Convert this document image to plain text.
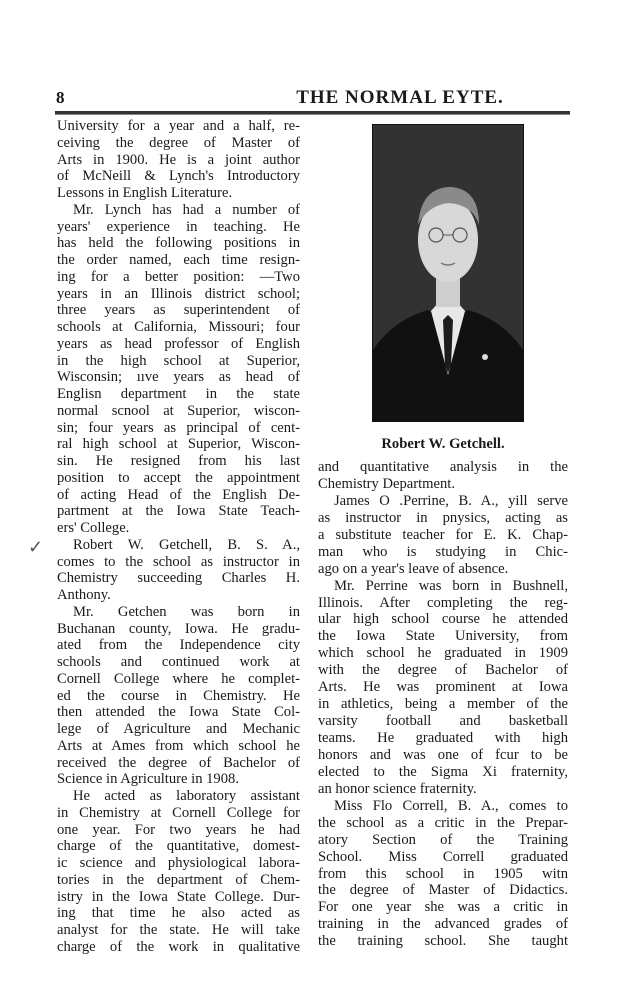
8	THE NORMAL EYTE.
University for a year and a half, re-
ceiving the degree of Master of
Arts in 1900. He is a joint author
of McNeill & Lynch's Introductory
Lessons in English Literature.
Mr. Lynch has had a number of
years' experience in teaching. He
has held the following positions in
the order named, each time resign-
ing for a better position: —Two
years in an Illinois district school;
three years as superintendent of
schools at California, Missouri; four
years as head professor of English
in the high school at Superior,
Wisconsin; ııve years as head of
Englisn department in the state
normal scnool at Superior, wiscon-
sin; four years as principal of cent-
ral high school at Superior, Wiscon-
sin. He resigned from his last
position to accept the appointment
of acting Head of the English De-
partment at the Iowa State Teach-
ers' College.
Robert W. Getchell, B. S. A.,
comes to the school as instructor in
Chemistry succeeding Charles H.
Anthony.
Mr. Getchen was born in
Buchanan county, Iowa. He gradu-
ated from the Independence city
schools and continued work at
Cornell College where he complet-
ed the course in Chemistry. He
then attended the Iowa State Col-
lege of Agriculture and Mechanic
Arts at Ames from which school he
received the degree of Bachelor of
Science in Agriculture in 1908.
He acted as laboratory assistant
in Chemistry at Cornell College for
one year. For two years he had
charge of the quantitative, domest-
ic science and physiological labora-
tories in the department of Chem-
istry in the Iowa State College. Dur-
ing that time he also acted as
analyst for the state. He will take
charge of the work in qualitative
✓
Robert W. Getchell.
and quantitative analysis in the
Chemistry Department.
James O .Perrine, B. A., yill serve
as instructor in pnysics, acting as
a substitute teacher for E. K. Chap-
man who is studying in Chic-
ago on a year's leave of absence.
Mr. Perrine was born in Bushnell,
Illinois. After completing the reg-
ular high school course he attended
the Iowa State University, from
which school he graduated in 1909
with the degree of Bachelor of
Arts. He was prominent at Iowa
in athletics, being a member of the
varsity football and basketball
teams. He graduated with high
honors and was one of fcur to be
elected to the Sigma Xi fraternity,
an honor science fraternity.
Miss Flo Correll, B. A., comes to
the school as a critic in the Prepar-
atory Section of the Training
School. Miss Correll graduated
from this school in 1905 witn
the degree of Master of Didactics.
For one year she was a critic in
training in the advanced grades of
the training school. She taught
